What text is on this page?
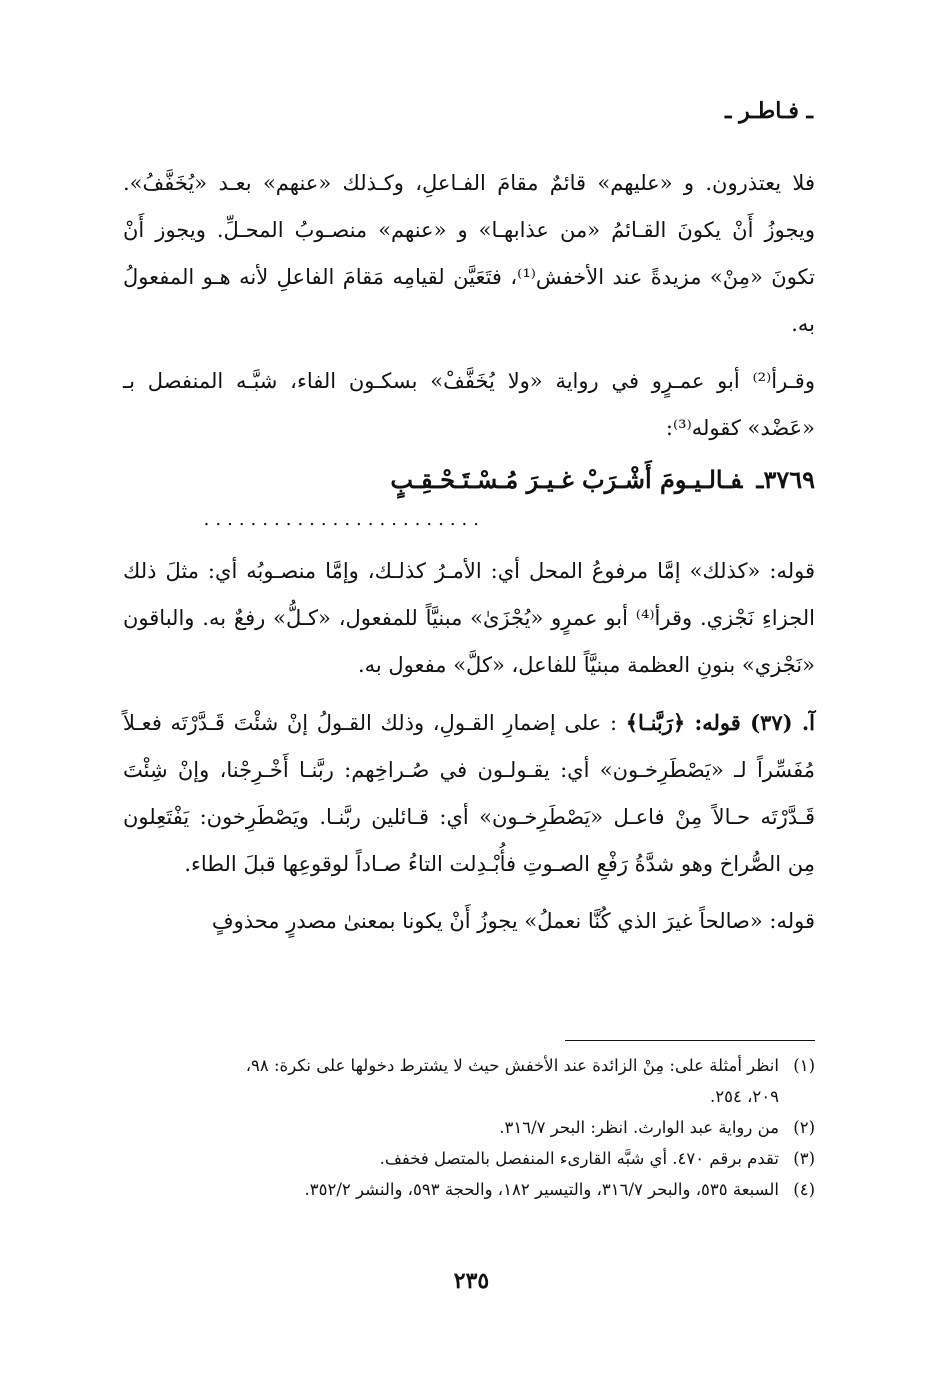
ـ فـاطـر ـ

فلا يعتذرون. و «عليهم» قائمٌ مقامَ الفـاعلِ، وكـذلك «عنهم» بعـد «يُخَفَّفُ». ويجوزُ أَنْ يكونَ القـائمُ «من عذابهـا» و «عنهم» منصـوبُ المحـلِّ. ويجوز أَنْ تكونَ «مِنْ» مزيدةً عند الأخفش⁽¹⁾، فتَعَيَّن لقيامِه مَقامَ الفاعلِ لأنه هـو المفعولُ به.

وقـرأ⁽²⁾ أبو عمـرٍو في رواية «ولا يُخَفَّفْ» بسكـون الفاء، شبَّـه المنفصل بـ «عَضْد» كقوله⁽³⁾:

٣٧٦٩ـفـالـيـومَ أَشْـرَبْ غـيـرَ مُـسْـتَـحْـقِـبٍ
........................

قوله: «كذلك» إمَّا مرفوعُ المحل أي: الأمـرُ كذلـك، وإمَّا منصـوبُه أي: مثلَ ذلك الجزاءِ نَجْزي. وقرأ⁽⁴⁾ أبو عمرٍو «يُجْزَىٰ» مبنيَّاً للمفعول، «كـلُّ» رفعٌ به. والباقون «نَجْزي» بنونِ العظمة مبنيَّاً للفاعل، «كلَّ» مفعول به.

آ. (٣٧) قوله: ﴿رَبَّنـا﴾ : على إضمارِ القـولِ، وذلك القـولُ إنْ شئْتَ قَـدَّرْتَه فعـلاً مُفَسِّراً لـ «يَصْطَرِخـون» أي: يقـولـون في صُـراخِهم: ربَّنـا أَخْـرِجْنا، وإنْ شِئْتَ قَـدَّرْتَه حـالاً مِنْ فاعـل «يَصْطَرِخـون» أي: قـائلين ربَّنـا. ويَصْطَرِخون: يَفْتَعِلون مِن الصُّراخ وهو شدَّةُ رَفْعِ الصـوتِ فأُبْـدِلت التاءُ صـاداً لوقوعِها قبلَ الطاء.

قوله: «صالحاً غيرَ الذي كُنَّا نعملُ» يجوزُ أَنْ يكونا بمعنىٰ مصدرٍ محذوفٍ

(١)انظر أمثلة على: مِنْ الزائدة عند الأخفش حيث لا يشترط دخولها على نكرة: ٩٨،

٢٠٩، ٢٥٤.

(٢)من رواية عبد الوارث. انظر: البحر ٣١٦/٧.

(٣)تقدم برقم ٤٧٠. أي شبَّه القارىء المنفصل بالمتصل فخفف.

(٤)السبعة ٥٣٥، والبحر ٣١٦/٧، والتيسير ١٨٢، والحجة ٥٩٣، والنشر ٣٥٢/٢.

٢٣٥
